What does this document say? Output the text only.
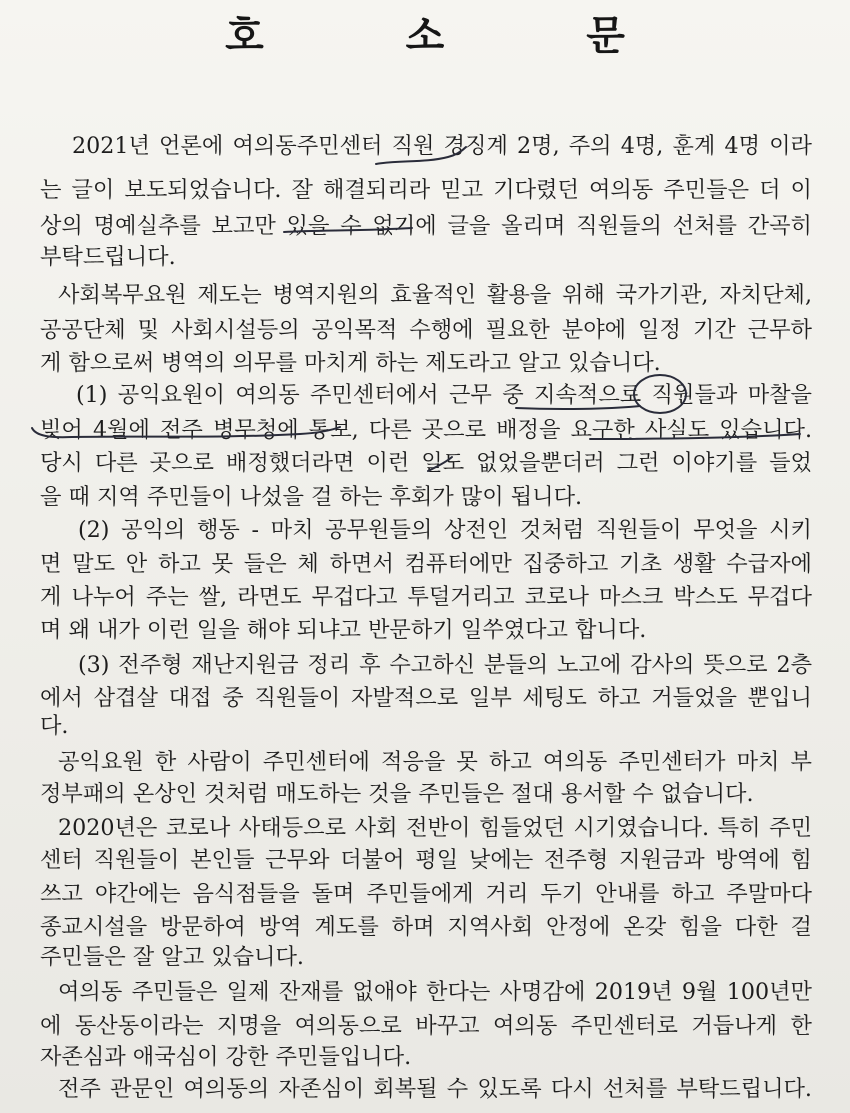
호 소 문
2021년 언론에 여의동주민센터 직원 경징계 2명, 주의 4명, 훈계 4명 이라
는 글이 보도되었습니다. 잘 해결되리라 믿고 기다렸던 여의동 주민들은 더 이
상의 명예실추를 보고만 있을 수 없기에 글을 올리며 직원들의 선처를 간곡히
부탁드립니다.
사회복무요원 제도는 병역지원의 효율적인 활용을 위해 국가기관, 자치단체,
공공단체 및 사회시설등의 공익목적 수행에 필요한 분야에 일정 기간 근무하
게 함으로써 병역의 의무를 마치게 하는 제도라고 알고 있습니다.
(1) 공익요원이 여의동 주민센터에서 근무 중 지속적으로 직원들과 마찰을
빚어 4월에 전주 병무청에 통보, 다른 곳으로 배정을 요구한 사실도 있습니다.
당시 다른 곳으로 배정했더라면 이런 일도 없었을뿐더러 그런 이야기를 들었
을 때 지역 주민들이 나섰을 걸 하는 후회가 많이 됩니다.
(2) 공익의 행동 - 마치 공무원들의 상전인 것처럼 직원들이 무엇을 시키
면 말도 안 하고 못 들은 체 하면서 컴퓨터에만 집중하고 기초 생활 수급자에
게 나누어 주는 쌀, 라면도 무겁다고 투덜거리고 코로나 마스크 박스도 무겁다
며 왜 내가 이런 일을 해야 되냐고 반문하기 일쑤였다고 합니다.
(3) 전주형 재난지원금 정리 후 수고하신 분들의 노고에 감사의 뜻으로 2층
에서 삼겹살 대접 중 직원들이 자발적으로 일부 세팅도 하고 거들었을 뿐입니
다.
공익요원 한 사람이 주민센터에 적응을 못 하고 여의동 주민센터가 마치 부
정부패의 온상인 것처럼 매도하는 것을 주민들은 절대 용서할 수 없습니다.
2020년은 코로나 사태등으로 사회 전반이 힘들었던 시기였습니다. 특히 주민
센터 직원들이 본인들 근무와 더불어 평일 낮에는 전주형 지원금과 방역에 힘
쓰고 야간에는 음식점들을 돌며 주민들에게 거리 두기 안내를 하고 주말마다
종교시설을 방문하여 방역 계도를 하며 지역사회 안정에 온갖 힘을 다한 걸
주민들은 잘 알고 있습니다.
여의동 주민들은 일제 잔재를 없애야 한다는 사명감에 2019년 9월 100년만
에 동산동이라는 지명을 여의동으로 바꾸고 여의동 주민센터로 거듭나게 한
자존심과 애국심이 강한 주민들입니다.
전주 관문인 여의동의 자존심이 회복될 수 있도록 다시 선처를 부탁드립니다.
